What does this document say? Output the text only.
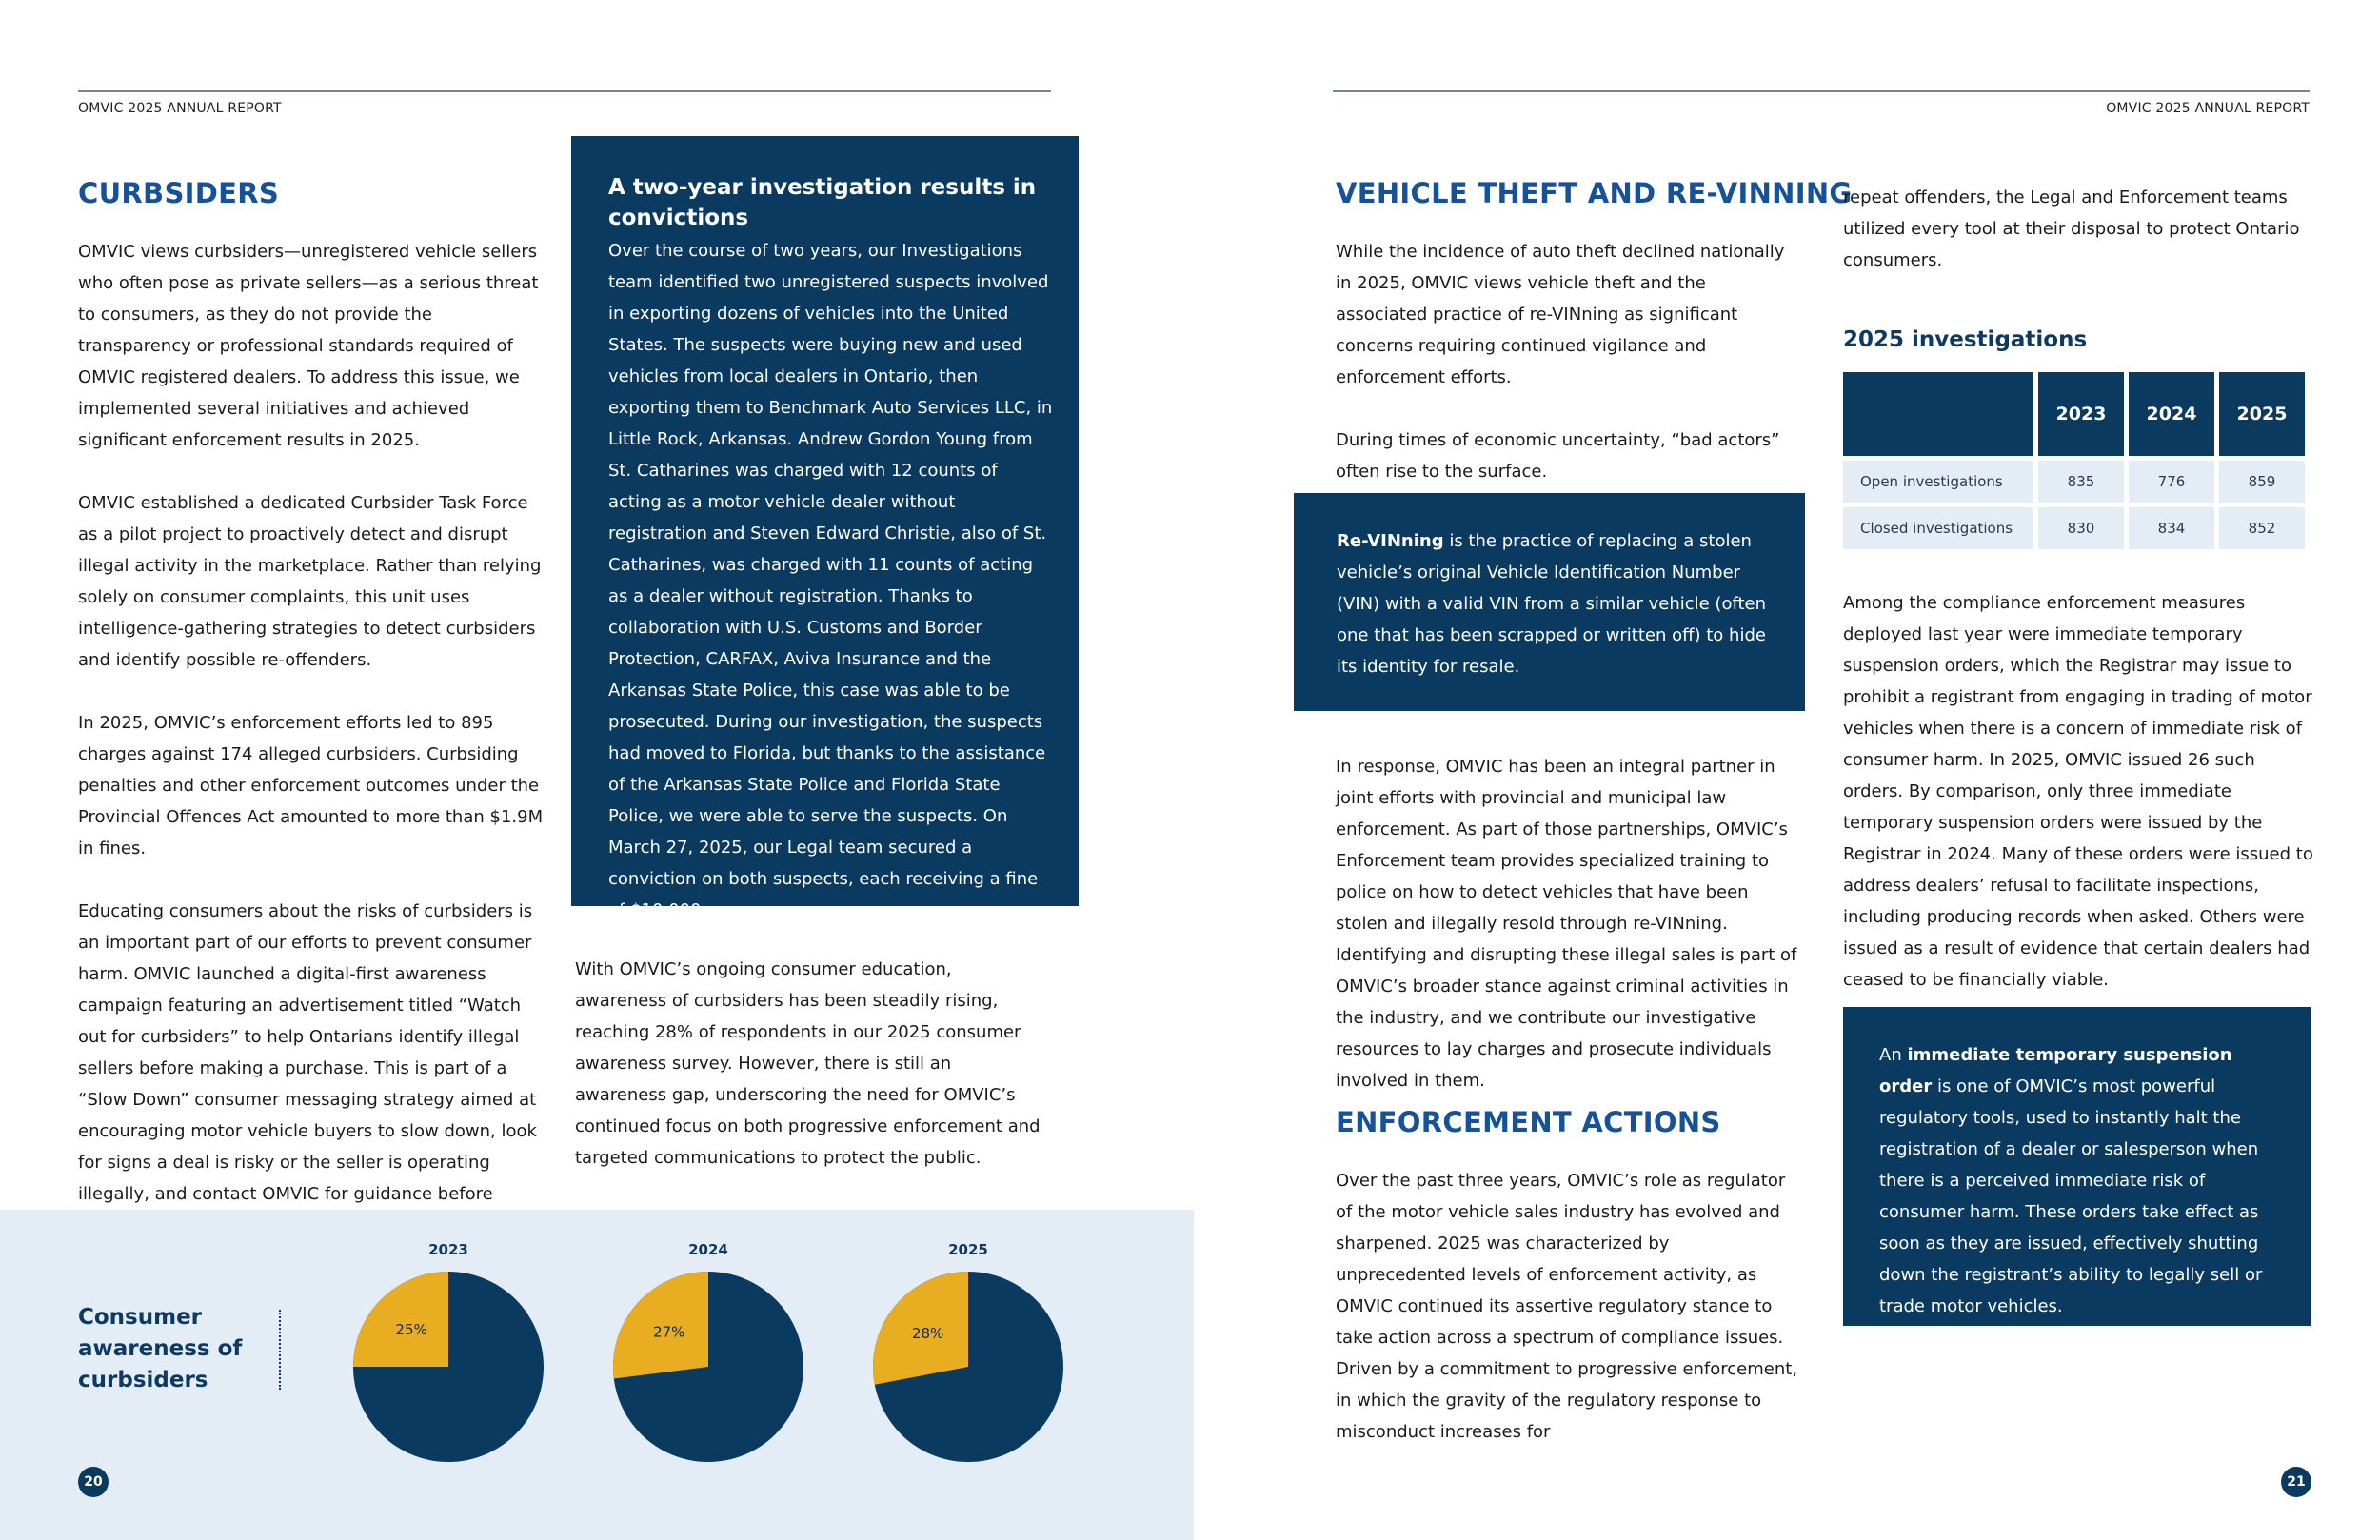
OMVIC 2025 ANNUAL REPORT
CURBSIDERS

OMVIC views curbsiders—unregistered vehicle sellers who often pose as private sellers—as a serious threat to consumers, as they do not provide the transparency or professional standards required of OMVIC registered dealers. To address this issue, we implemented several initiatives and achieved significant enforcement results in 2025.

OMVIC established a dedicated Curbsider Task Force as a pilot project to proactively detect and disrupt illegal activity in the marketplace. Rather than relying solely on consumer complaints, this unit uses intelligence-gathering strategies to detect curbsiders and identify possible re-offenders.

In 2025, OMVIC’s enforcement efforts led to 895 charges against 174 alleged curbsiders. Curbsiding penalties and other enforcement outcomes under the Provincial Offences Act amounted to more than $1.9M in fines.

Educating consumers about the risks of curbsiders is an important part of our efforts to prevent consumer harm. OMVIC launched a digital-first awareness campaign featuring an advertisement titled “Watch out for curbsiders” to help Ontarians identify illegal sellers before making a purchase. This is part of a “Slow Down” consumer messaging strategy aimed at encouraging motor vehicle buyers to slow down, look for signs a deal is risky or the seller is operating illegally, and contact OMVIC for guidance before

A two-year investigation results in convictions

Over the course of two years, our Investigations team identified two unregistered suspects involved in exporting dozens of vehicles into the United States. The suspects were buying new and used vehicles from local dealers in Ontario, then exporting them to Benchmark Auto Services LLC, in Little Rock, Arkansas. Andrew Gordon Young from St. Catharines was charged with 12 counts of acting as a motor vehicle dealer without registration and Steven Edward Christie, also of St. Catharines, was charged with 11 counts of acting as a dealer without registration. Thanks to collaboration with U.S. Customs and Border Protection, CARFAX, Aviva Insurance and the Arkansas State Police, this case was able to be prosecuted. During our investigation, the suspects had moved to Florida, but thanks to the assistance of the Arkansas State Police and Florida State Police, we were able to serve the suspects. On March 27, 2025, our Legal team secured a conviction on both suspects, each receiving a fine of $10,000.

With OMVIC’s ongoing consumer education, awareness of curbsiders has been steadily rising, reaching 28% of respondents in our 2025 consumer awareness survey. However, there is still an awareness gap, underscoring the need for OMVIC’s continued focus on both progressive enforcement and targeted communications to protect the public.

Consumer awareness of curbsiders
2023
25%
2024
27%
2025
28%
20
OMVIC 2025 ANNUAL REPORT
VEHICLE THEFT AND RE-VINNING

While the incidence of auto theft declined nationally in 2025, OMVIC views vehicle theft and the associated practice of re-VINning as significant concerns requiring continued vigilance and enforcement efforts.

During times of economic uncertainty, “bad actors” often rise to the surface.

Re-VINning is the practice of replacing a stolen vehicle’s original Vehicle Identification Number (VIN) with a valid VIN from a similar vehicle (often one that has been scrapped or written off) to hide its identity for resale.

In response, OMVIC has been an integral partner in joint efforts with provincial and municipal law enforcement. As part of those partnerships, OMVIC’s Enforcement team provides specialized training to police on how to detect vehicles that have been stolen and illegally resold through re-VINning. Identifying and disrupting these illegal sales is part of OMVIC’s broader stance against criminal activities in the industry, and we contribute our investigative resources to lay charges and prosecute individuals involved in them.

ENFORCEMENT ACTIONS

Over the past three years, OMVIC’s role as regulator of the motor vehicle sales industry has evolved and sharpened. 2025 was characterized by unprecedented levels of enforcement activity, as OMVIC continued its assertive regulatory stance to take action across a spectrum of compliance issues. Driven by a commitment to progressive enforcement, in which the gravity of the regulatory response to misconduct increases for

repeat offenders, the Legal and Enforcement teams utilized every tool at their disposal to protect Ontario consumers.

2025 investigations
	2023	2024	2025
Open investigations	835	776	859
Closed investigations	830	834	852

Among the compliance enforcement measures deployed last year were immediate temporary suspension orders, which the Registrar may issue to prohibit a registrant from engaging in trading of motor vehicles when there is a concern of immediate risk of consumer harm. In 2025, OMVIC issued 26 such orders. By comparison, only three immediate temporary suspension orders were issued by the Registrar in 2024. Many of these orders were issued to address dealers’ refusal to facilitate inspections, including producing records when asked. Others were issued as a result of evidence that certain dealers had ceased to be financially viable.

An immediate temporary suspension order is one of OMVIC’s most powerful regulatory tools, used to instantly halt the registration of a dealer or salesperson when there is a perceived immediate risk of consumer harm. These orders take effect as soon as they are issued, effectively shutting down the registrant’s ability to legally sell or trade motor vehicles.

21
